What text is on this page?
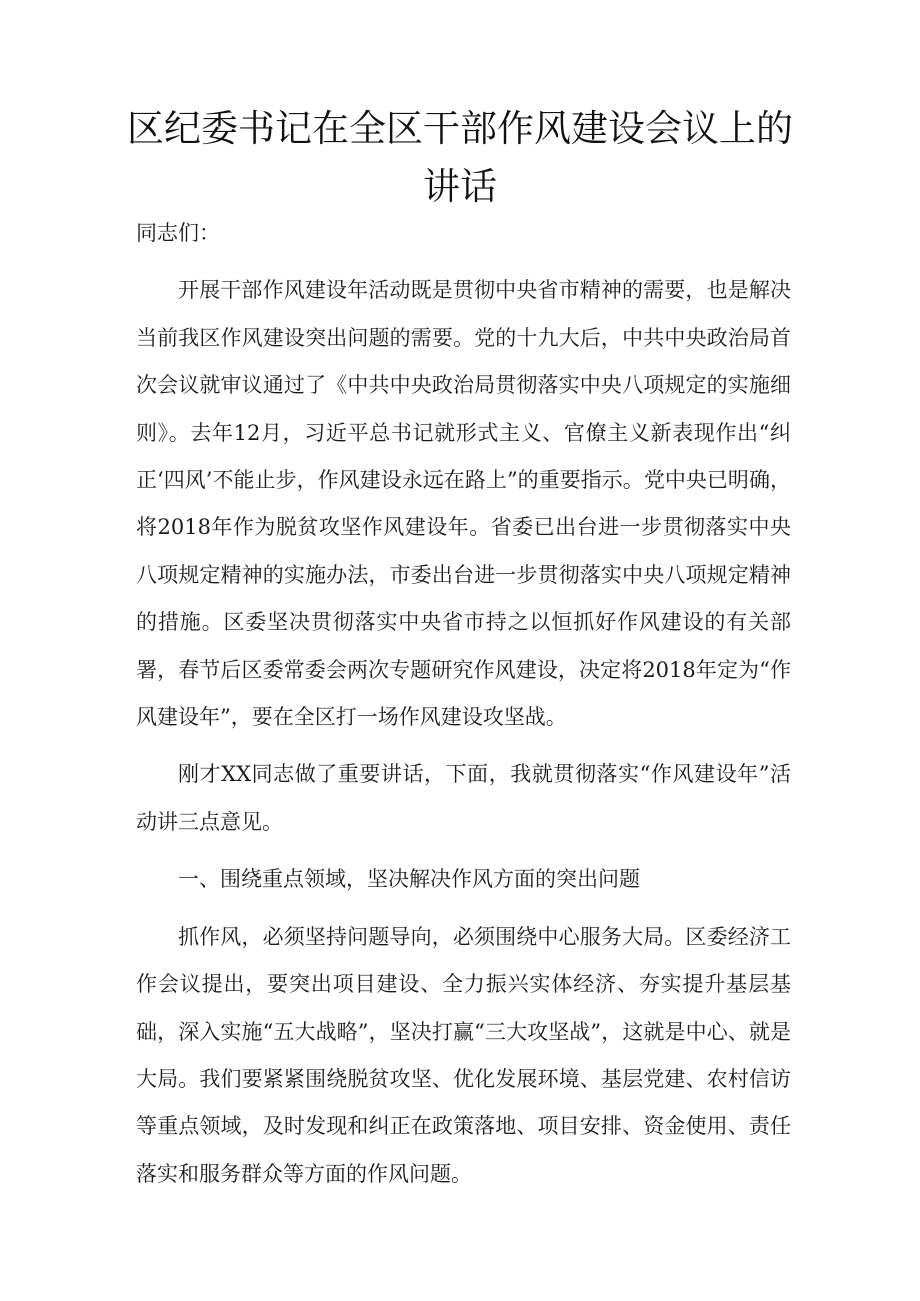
区纪委书记在全区干部作风建设会议上的讲话

同志们：

开展干部作风建设年活动既是贯彻中央省市精神的需要，也是解决当前我区作风建设突出问题的需要。党的十九大后，中共中央政治局首次会议就审议通过了《中共中央政治局贯彻落实中央八项规定的实施细则》。去年12月，习近平总书记就形式主义、官僚主义新表现作出“纠正‘四风’不能止步，作风建设永远在路上”的重要指示。党中央已明确，将2018年作为脱贫攻坚作风建设年。省委已出台进一步贯彻落实中央八项规定精神的实施办法，市委出台进一步贯彻落实中央八项规定精神的措施。区委坚决贯彻落实中央省市持之以恒抓好作风建设的有关部署，春节后区委常委会两次专题研究作风建设，决定将2018年定为“作风建设年”，要在全区打一场作风建设攻坚战。

刚才XX同志做了重要讲话，下面，我就贯彻落实“作风建设年”活动讲三点意见。

一、围绕重点领域，坚决解决作风方面的突出问题

抓作风，必须坚持问题导向，必须围绕中心服务大局。区委经济工作会议提出，要突出项目建设、全力振兴实体经济、夯实提升基层基础，深入实施“五大战略”，坚决打赢“三大攻坚战”，这就是中心、就是大局。我们要紧紧围绕脱贫攻坚、优化发展环境、基层党建、农村信访等重点领域，及时发现和纠正在政策落地、项目安排、资金使用、责任落实和服务群众等方面的作风问题。
